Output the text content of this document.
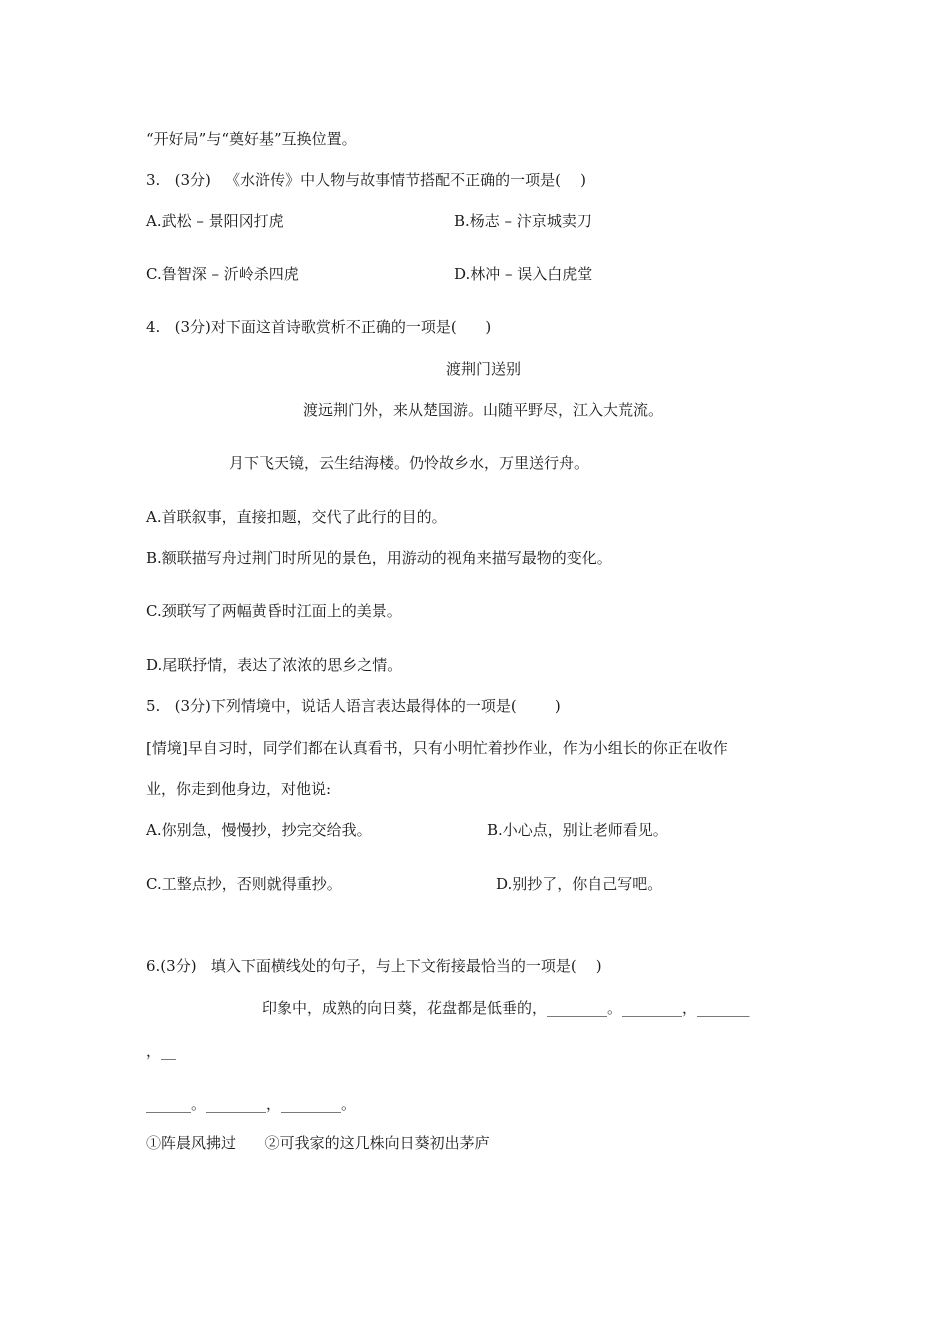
“开好局”与“奠好基”互换位置。
3.   (3分)   《水浒传》中人物与故事情节搭配不正确的一项是(    )
A.武松 – 景阳冈打虎	B.杨志 – 汴京城卖刀
C.鲁智深 – 沂岭杀四虎	D.林冲 – 误入白虎堂
4.   (3分)对下面这首诗歌赏析不正确的一项是(      )
渡荆门送别
渡远荆门外，来从楚国游。山随平野尽，江入大荒流。
月下飞天镜，云生结海楼。仍怜故乡水，万里送行舟。
A.首联叙事，直接扣题，交代了此行的目的。
B.额联描写舟过荆门时所见的景色，用游动的视角来描写最物的变化。
C.颈联写了两幅黄昏时江面上的美景。
D.尾联抒情，表达了浓浓的思乡之情。
5.   (3分)下列情境中，说话人语言表达最得体的一项是(        )
[情境]早自习时，同学们都在认真看书，只有小明忙着抄作业，作为小组长的你正在收作
业，你走到他身边，对他说:
A.你别急，慢慢抄，抄完交给我。	B.小心点，别让老师看见。
C.工整点抄，否则就得重抄。	D.别抄了，你自己写吧。
6.(3分)   填入下面横线处的句子，与上下文衔接最恰当的一项是(    )
印象中，成熟的向日葵，花盘都是低垂的，________。________，_______
，__
______。________，________。
①阵晨风拂过      ②可我家的这几株向日葵初出茅庐
